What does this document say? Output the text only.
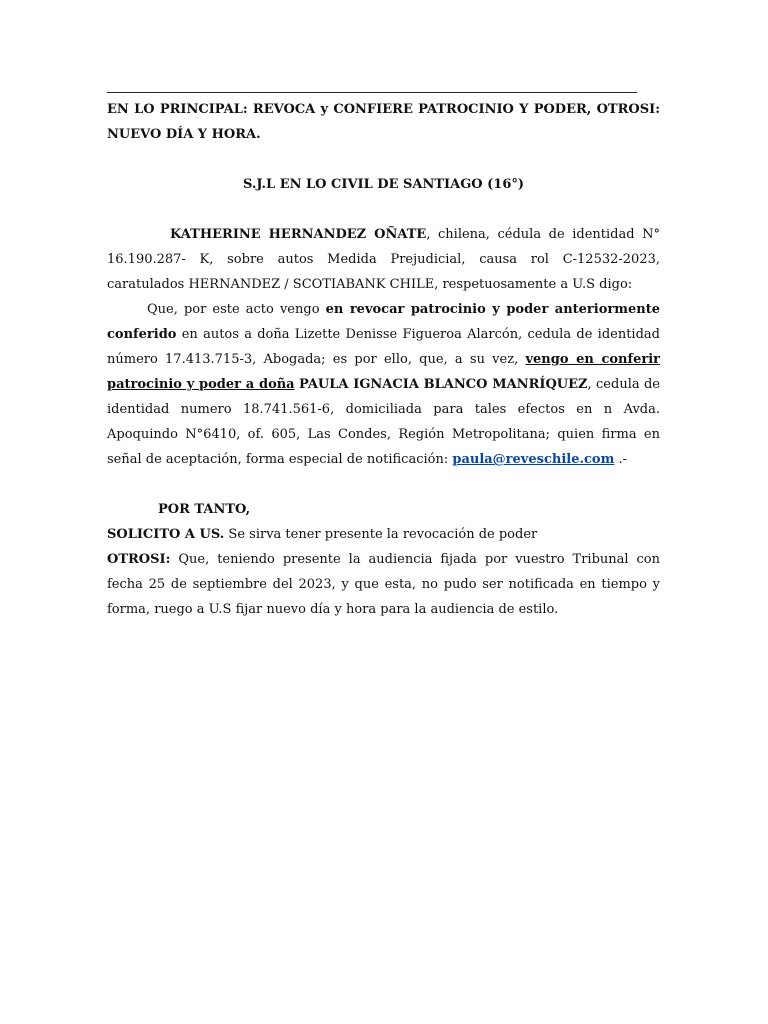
EN LO PRINCIPAL: REVOCA y CONFIERE PATROCINIO Y PODER, OTROSI: NUEVO DÍA Y HORA.

S.J.L EN LO CIVIL DE SANTIAGO (16°)

KATHERINE HERNANDEZ OÑATE, chilena, cédula de identidad N° 16.190.287- K, sobre autos Medida Prejudicial, causa rol C-12532-2023, caratulados HERNANDEZ / SCOTIABANK CHILE, respetuosamente a U.S digo:

Que, por este acto vengo en revocar patrocinio y poder anteriormente conferido en autos a doña Lizette Denisse Figueroa Alarcón, cedula de identidad número 17.413.715-3, Abogada; es por ello, que, a su vez, vengo en conferir patrocinio y poder a doña PAULA IGNACIA BLANCO MANRÍQUEZ, cedula de identidad numero 18.741.561-6, domiciliada para tales efectos en n Avda. Apoquindo N°6410, of. 605, Las Condes, Región Metropolitana; quien firma en señal de aceptación, forma especial de notificación: paula@reveschile.com .-

POR TANTO,

SOLICITO A US. Se sirva tener presente la revocación de poder

OTROSI: Que, teniendo presente la audiencia fijada por vuestro Tribunal con fecha 25 de septiembre del 2023, y que esta, no pudo ser notificada en tiempo y forma, ruego a U.S fijar nuevo día y hora para la audiencia de estilo.
